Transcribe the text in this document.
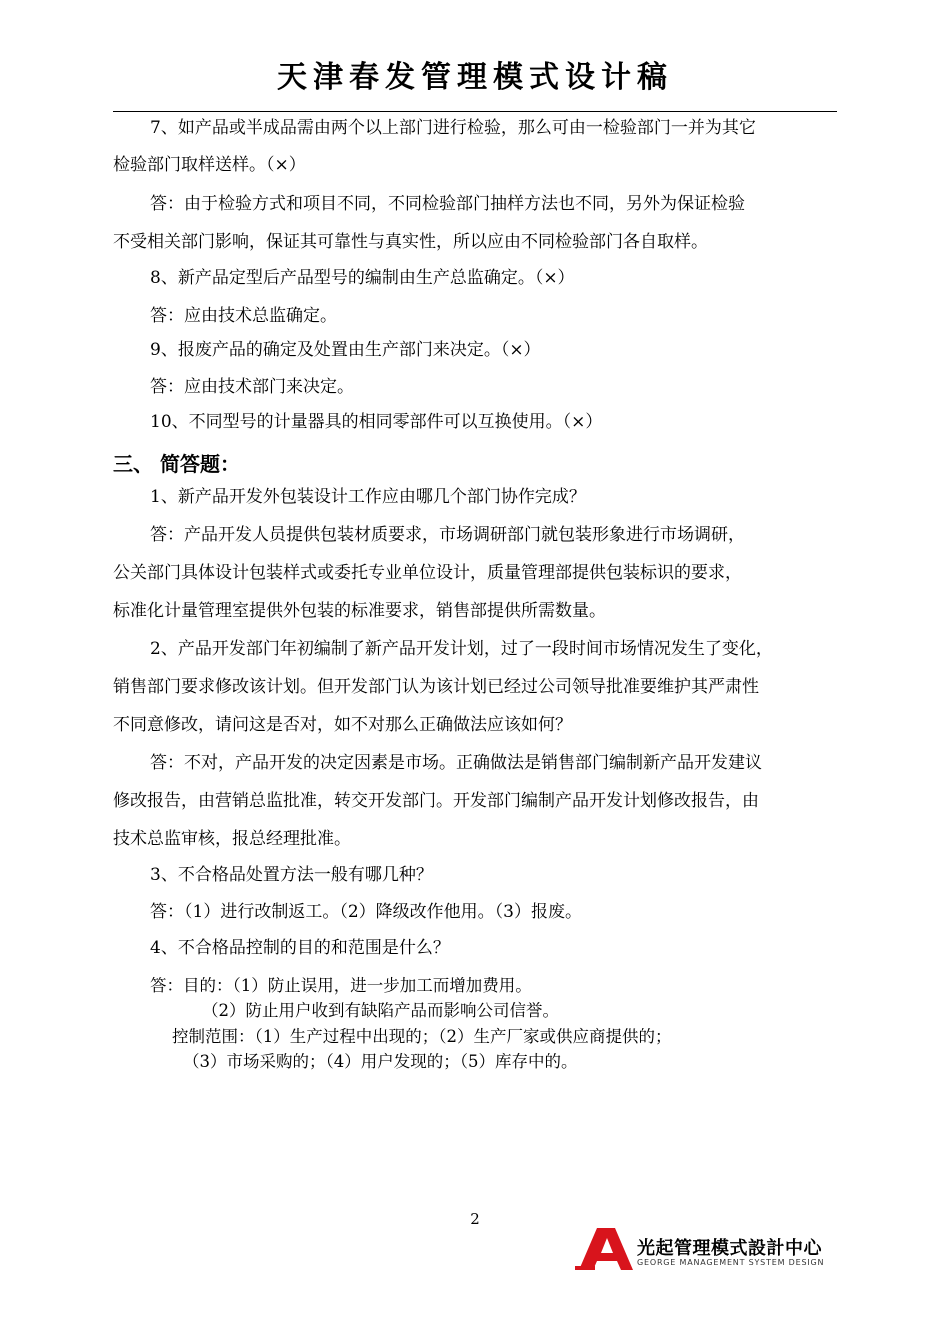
天津春发管理模式设计稿
7、如产品或半成品需由两个以上部门进行检验，那么可由一检验部门一并为其它
检验部门取样送样。（×）
答：由于检验方式和项目不同，不同检验部门抽样方法也不同，另外为保证检验
不受相关部门影响，保证其可靠性与真实性，所以应由不同检验部门各自取样。
8、新产品定型后产品型号的编制由生产总监确定。（×）
答：应由技术总监确定。
9、报废产品的确定及处置由生产部门来决定。（×）
答：应由技术部门来决定。
10、不同型号的计量器具的相同零部件可以互换使用。（×）
三、 简答题：
1、新产品开发外包装设计工作应由哪几个部门协作完成？
答：产品开发人员提供包装材质要求，市场调研部门就包装形象进行市场调研，
公关部门具体设计包装样式或委托专业单位设计，质量管理部提供包装标识的要求，
标准化计量管理室提供外包装的标准要求，销售部提供所需数量。
2、产品开发部门年初编制了新产品开发计划，过了一段时间市场情况发生了变化，
销售部门要求修改该计划。但开发部门认为该计划已经过公司领导批准要维护其严肃性
不同意修改，请问这是否对，如不对那么正确做法应该如何？
答：不对，产品开发的决定因素是市场。正确做法是销售部门编制新产品开发建议
修改报告，由营销总监批准，转交开发部门。开发部门编制产品开发计划修改报告，由
技术总监审核，报总经理批准。
3、不合格品处置方法一般有哪几种？
答：（1）进行改制返工。（2）降级改作他用。（3）报废。
4、不合格品控制的目的和范围是什么？
答：目的：（1）防止误用，进一步加工而增加费用。
（2）防止用户收到有缺陷产品而影响公司信誉。
控制范围：（1）生产过程中出现的；（2）生产厂家或供应商提供的；
（3）市场采购的；（4）用户发现的；（5）库存中的。
2
光起管理模式設計中心
GEORGE MANAGEMENT SYSTEM DESIGN
